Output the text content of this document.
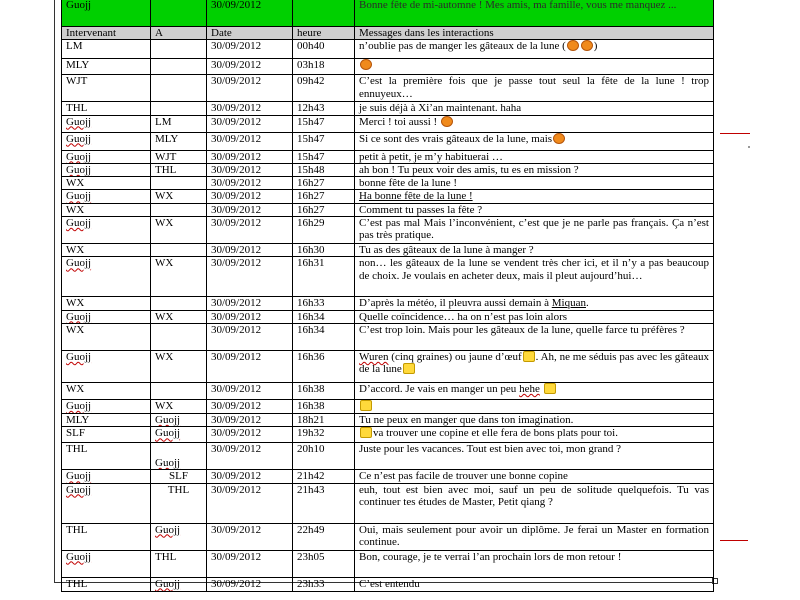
Guojj		30/09/2012		Bonne fête de mi-automne ! Mes amis, ma famille, vous me manquez ...
Intervenant	A	Date	heure	Messages dans les interactions
LM		30/09/2012	00h40	n’oublie pas de manger les gâteaux de la lune ( )
MLY		30/09/2012	03h18	
WJT		30/09/2012	09h42	C’est la première fois que je passe tout seul la fête de la lune ! trop ennuyeux…
THL		30/09/2012	12h43	je suis déjà à Xi’an maintenant. haha
Guojj	LM	30/09/2012	15h47	Merci ! toi aussi !
Guojj	MLY	30/09/2012	15h47	Si ce sont des vrais gâteaux de la lune, mais
Guojj	WJT	30/09/2012	15h47	petit à petit, je m’y habituerai …
Guojj	THL	30/09/2012	15h48	ah bon ! Tu peux voir des amis, tu es en mission ?
WX		30/09/2012	16h27	bonne fête de la lune !
Guojj	WX	30/09/2012	16h27	Ha bonne fête de la lune !
WX		30/09/2012	16h27	Comment tu passes la fête ?
Guojj	WX	30/09/2012	16h29	C’est pas mal Mais l’inconvénient, c’est que je ne parle pas français. Ça n’est pas très pratique.
WX		30/09/2012	16h30	Tu as des gâteaux de la lune à manger ?
Guojj	WX	30/09/2012	16h31	non… les gâteaux de la lune se vendent très cher ici, et il n’y a pas beaucoup de choix. Je voulais en acheter deux, mais il pleut aujourd’hui…
WX		30/09/2012	16h33	D’après la météo, il pleuvra aussi demain à Miquan.
Guojj	WX	30/09/2012	16h34	Quelle coïncidence… ha on n’est pas loin alors
WX		30/09/2012	16h34	C’est trop loin. Mais pour les gâteaux de la lune, quelle farce tu préfères ?
Guojj	WX	30/09/2012	16h36	Wuren (cinq graines) ou jaune d’œuf . Ah, ne me séduis pas avec les gâteaux de la lune
WX		30/09/2012	16h38	D’accord. Je vais en manger un peu hehe
Guojj	WX	30/09/2012	16h38	
MLY	Guojj	30/09/2012	18h21	Tu ne peux en manger que dans ton imagination.
SLF	Guojj	30/09/2012	19h32	va trouver une copine et elle fera de bons plats pour toi.
THL	Guojj	30/09/2012	20h10	Juste pour les vacances. Tout est bien avec toi, mon grand ?
Guojj	SLF	30/09/2012	21h42	Ce n’est pas facile de trouver une bonne copine
Guojj	THL	30/09/2012	21h43	euh, tout est bien avec moi, sauf un peu de solitude quelquefois. Tu vas continuer tes études de Master, Petit qiang ?
THL	Guojj	30/09/2012	22h49	Oui, mais seulement pour avoir un diplôme. Je ferai un Master en formation continue.
Guojj	THL	30/09/2012	23h05	Bon, courage, je te verrai l’an prochain lors de mon retour !
THL	Guojj	30/09/2012	23h33	C’est entendu
